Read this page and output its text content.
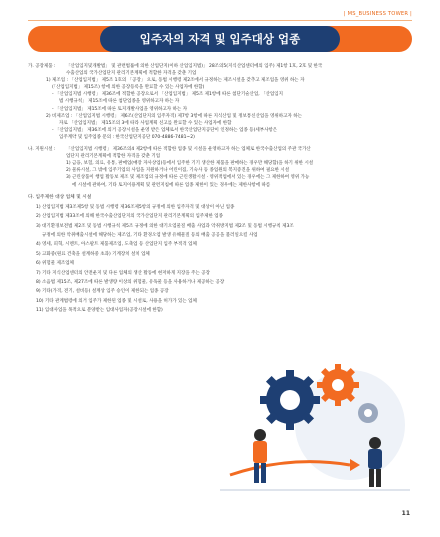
| MS_BUSINESS TOWER |
입주자의 자격 및 입주대상 업종
가. 공장제품 : 「산업입지및개발법」 및 관련법률에 의한 산업단지(이하 산업입지법)」 28조의5(지식산업센터에의 입주) 제1항 1호, 2호 및 한국
수출산업의 국가산업단지 관리기본계획에 적합한 자격을 갖춘 기업
1) 제조업 : 「산업입지법」 제5조 1호의 「공장」 으로, 동법 시행령 제2조에서 규정하는 제조시설을 갖추고 제조업을 영위 하는 자
(「산업입지법」 제15조) 항에 의한 공장등록을 완료할 수 있는 사업자에 한함)
- 「산업입지법 시행령」 제36조에 적합한 공장으로서 「산업입지법」 제5조 제1항에 따른 첨단기술산업, 「산업입지
법 시행규칙」 제15조에 따른 첨단업종을 영위하고자 하는 자
- 「산업입지법」 제15조에 따른 토지개발사업을 영위하고자 하는 자
2) 비제조업 : 「산업입지법 시행령」 제6조(산업단지의 입주자격) 제7항 3항에 따른 지식산업 및 정보통신산업을 영위하고자 하는
자로 「산업입지법」 제15조의 3에 따라 사업계획 신고를 완료할 수 있는 사업자에 한함
- 「산업입지법」 제36조에 의거 공장시설을 운영 받은 업체로서 한국산업단지공단이 인정하는 업종 등(세부사항은
입주계약 및 입주업종 문의 : 한국산업단지공단 070-4886-7481~2)
나. 지원시설 : 「산업입지법 시행령」 제36조의4 제2항에 따른 적합한 업종 및 시설을 운영하고자 하는 업체로 한국수출산업의 주관 국가산
업단지 관리기본계획에 적합한 자격을 갖춘 기업
1) 금융, 보험, 의료, 유통, 판매업(매장 자사상업)등에서 입주한 기기 생산한 제품을 판매하는 경우만 해당함)을 하기 위한 시설
2) 물류시설, 그 밖에 입주기업의 사업을 지원하거나 어린이집, 기숙사 등 종업원의 복지증진을 위하여 필요한 시설
3) 근린상품이 행업 활동보 제조 및 제조업의 규정에 따른 근린생활시설 · 영위적업에서 있는 경우에는 그 제한하여 영위 가능
에 시설에 관하여, 기타 토지이용계획 및 관련지침에 따른 업종 제한이 있는 경우에는 제한사항에 따름
다. 입주제한 대상 업체 및 시설
1) 산업입지법 제3조제5항 및 동법 시행령 제36조제5항의 규정에 의한 입주자격 및 대상이 아닌 업종
2) 산업입지법 제33조에 의해 한국수출산업단지의 국가산업단지 관리기본계획의 입주제한 업종
3) 대기환경보전법 제2조 및 동법 시행규칙 제5조 규정에 의한 대기오염물질 배출 사업과 악취방지법 제2조 및 동법 시행규칙 제3조
규정에 의한 악취배출시설에 해당하는 제조업, 기타 환경오염 발생 유해물질 등의 배출 공공을 불러일으킬 사업
4) 영세, 피혁, 시멘트, 아스팔트 제품제조업, 도축업 등 산업단지 입주 부적격 업체
5) 고화중(원료 건축을 설계하중 초과) 기계장치 설치 업체
6) 위험물 제조업체
7) 기타 지식산업센터의 안전운지 및 다른 업체의 생산 활동에 현저하게 지장을 주는 공장
8) 소음법 제15조, 제27조에 따른 발생량 이상의 위험물, 유독물 등을 사용하거나 제공하는 공장
9) 기타(가격, 전기, 설비등) 설계상 입주 승인이 제한되는 업종 공장
10) 기타 관계법령에 의거 입주가 제한된 업종 및 시설로, 사용을 허가가 있는 업체
11) 입대사업을 목적으로 분양받는 임대사업자(공장시설에 한함)
11
